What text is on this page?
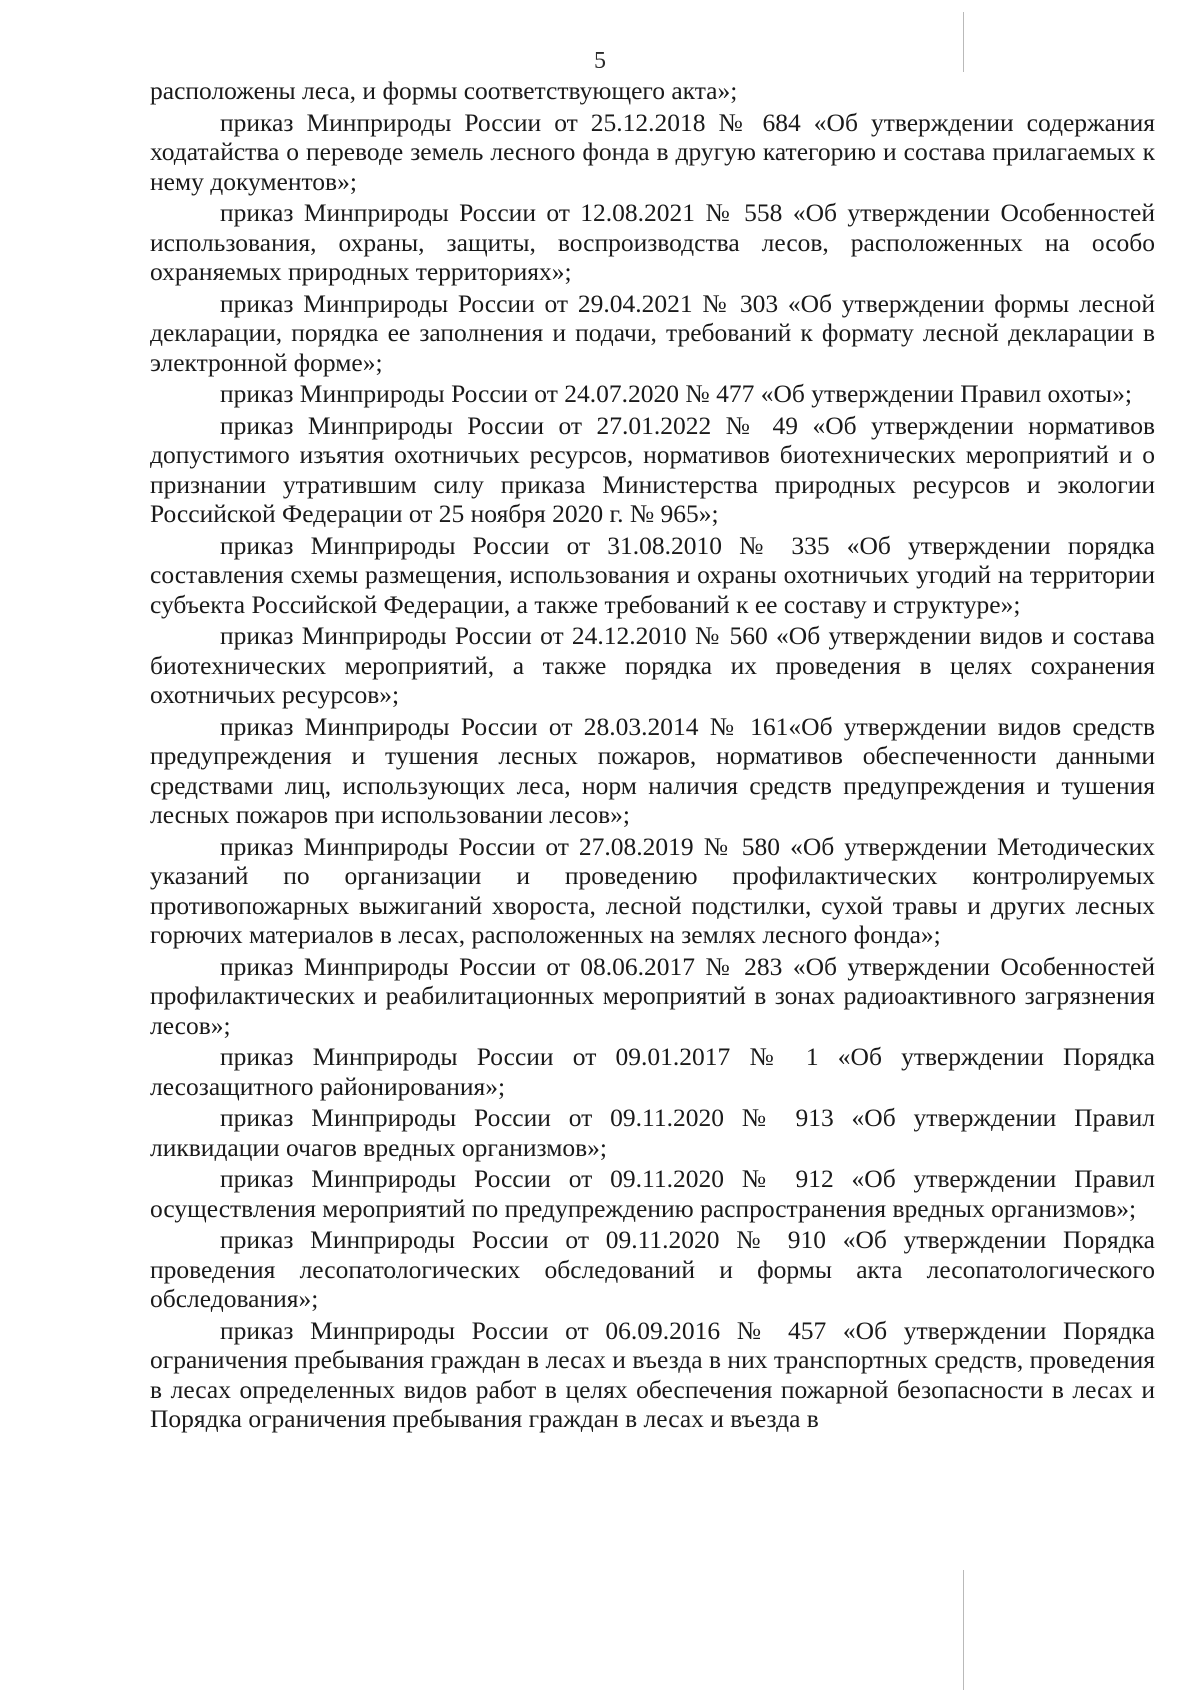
5

расположены леса, и формы соответствующего акта»;

приказ Минприроды России от 25.12.2018 № 684 «Об утверждении содержания ходатайства о переводе земель лесного фонда в другую категорию и состава прилагаемых к нему документов»;

приказ Минприроды России от 12.08.2021 № 558 «Об утверждении Особенностей использования, охраны, защиты, воспроизводства лесов, расположенных на особо охраняемых природных территориях»;

приказ Минприроды России от 29.04.2021 № 303 «Об утверждении формы лесной декларации, порядка ее заполнения и подачи, требований к формату лесной декларации в электронной форме»;

приказ Минприроды России от 24.07.2020 № 477 «Об утверждении Правил охоты»;

приказ Минприроды России от 27.01.2022 № 49 «Об утверждении нормативов допустимого изъятия охотничьих ресурсов, нормативов биотехнических мероприятий и о признании утратившим силу приказа Министерства природных ресурсов и экологии Российской Федерации от 25 ноября 2020 г. № 965»;

приказ Минприроды России от 31.08.2010 № 335 «Об утверждении порядка составления схемы размещения, использования и охраны охотничьих угодий на территории субъекта Российской Федерации, а также требований к ее составу и структуре»;

приказ Минприроды России от 24.12.2010 № 560 «Об утверждении видов и состава биотехнических мероприятий, а также порядка их проведения в целях сохранения охотничьих ресурсов»;

приказ Минприроды России от 28.03.2014 № 161«Об утверждении видов средств предупреждения и тушения лесных пожаров, нормативов обеспеченности данными средствами лиц, использующих леса, норм наличия средств предупреждения и тушения лесных пожаров при использовании лесов»;

приказ Минприроды России от 27.08.2019 № 580 «Об утверждении Методических указаний по организации и проведению профилактических контролируемых противопожарных выжиганий хвороста, лесной подстилки, сухой травы и других лесных горючих материалов в лесах, расположенных на землях лесного фонда»;

приказ Минприроды России от 08.06.2017 № 283 «Об утверждении Особенностей профилактических и реабилитационных мероприятий в зонах радиоактивного загрязнения лесов»;

приказ Минприроды России от 09.01.2017 № 1 «Об утверждении Порядка лесозащитного районирования»;

приказ Минприроды России от 09.11.2020 № 913 «Об утверждении Правил ликвидации очагов вредных организмов»;

приказ Минприроды России от 09.11.2020 № 912 «Об утверждении Правил осуществления мероприятий по предупреждению распространения вредных организмов»;

приказ Минприроды России от 09.11.2020 № 910 «Об утверждении Порядка проведения лесопатологических обследований и формы акта лесопатологического обследования»;

приказ Минприроды России от 06.09.2016 № 457 «Об утверждении Порядка ограничения пребывания граждан в лесах и въезда в них транспортных средств, проведения в лесах определенных видов работ в целях обеспечения пожарной безопасности в лесах и Порядка ограничения пребывания граждан в лесах и въезда в
